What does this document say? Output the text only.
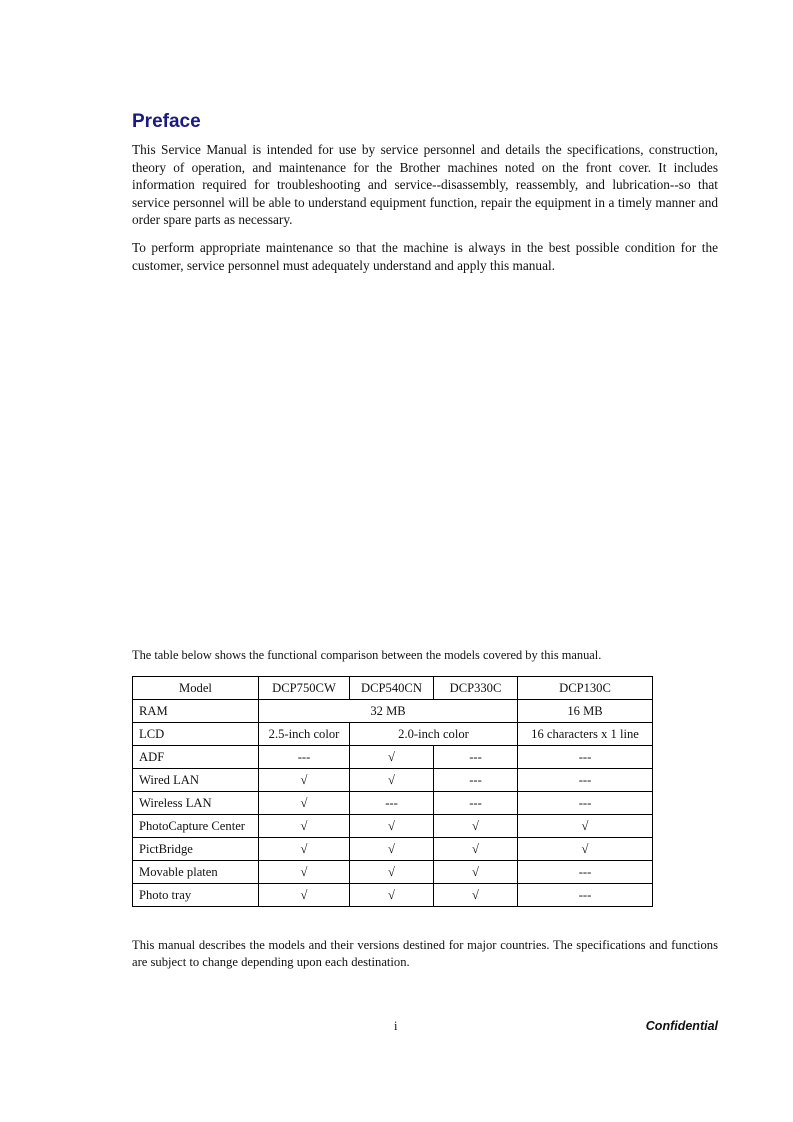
Preface

This Service Manual is intended for use by service personnel and details the specifications, construction, theory of operation, and maintenance for the Brother machines noted on the front cover. It includes information required for troubleshooting and service--disassembly, reassembly, and lubrication--so that service personnel will be able to understand equipment function, repair the equipment in a timely manner and order spare parts as necessary.

To perform appropriate maintenance so that the machine is always in the best possible condition for the customer, service personnel must adequately understand and apply this manual.

The table below shows the functional comparison between the models covered by this manual.

Model	DCP750CW	DCP540CN	DCP330C	DCP130C
RAM	32 MB			16 MB
LCD	2.5-inch color	2.0-inch color		16 characters x 1 line
ADF	---	√	---	---
Wired LAN	√	√	---	---
Wireless LAN	√	---	---	---
PhotoCapture Center	√	√	√	√
PictBridge	√	√	√	√
Movable platen	√	√	√	---
Photo tray	√	√	√	---

This manual describes the models and their versions destined for major countries. The specifications and functions are subject to change depending upon each destination.

i	Confidential
